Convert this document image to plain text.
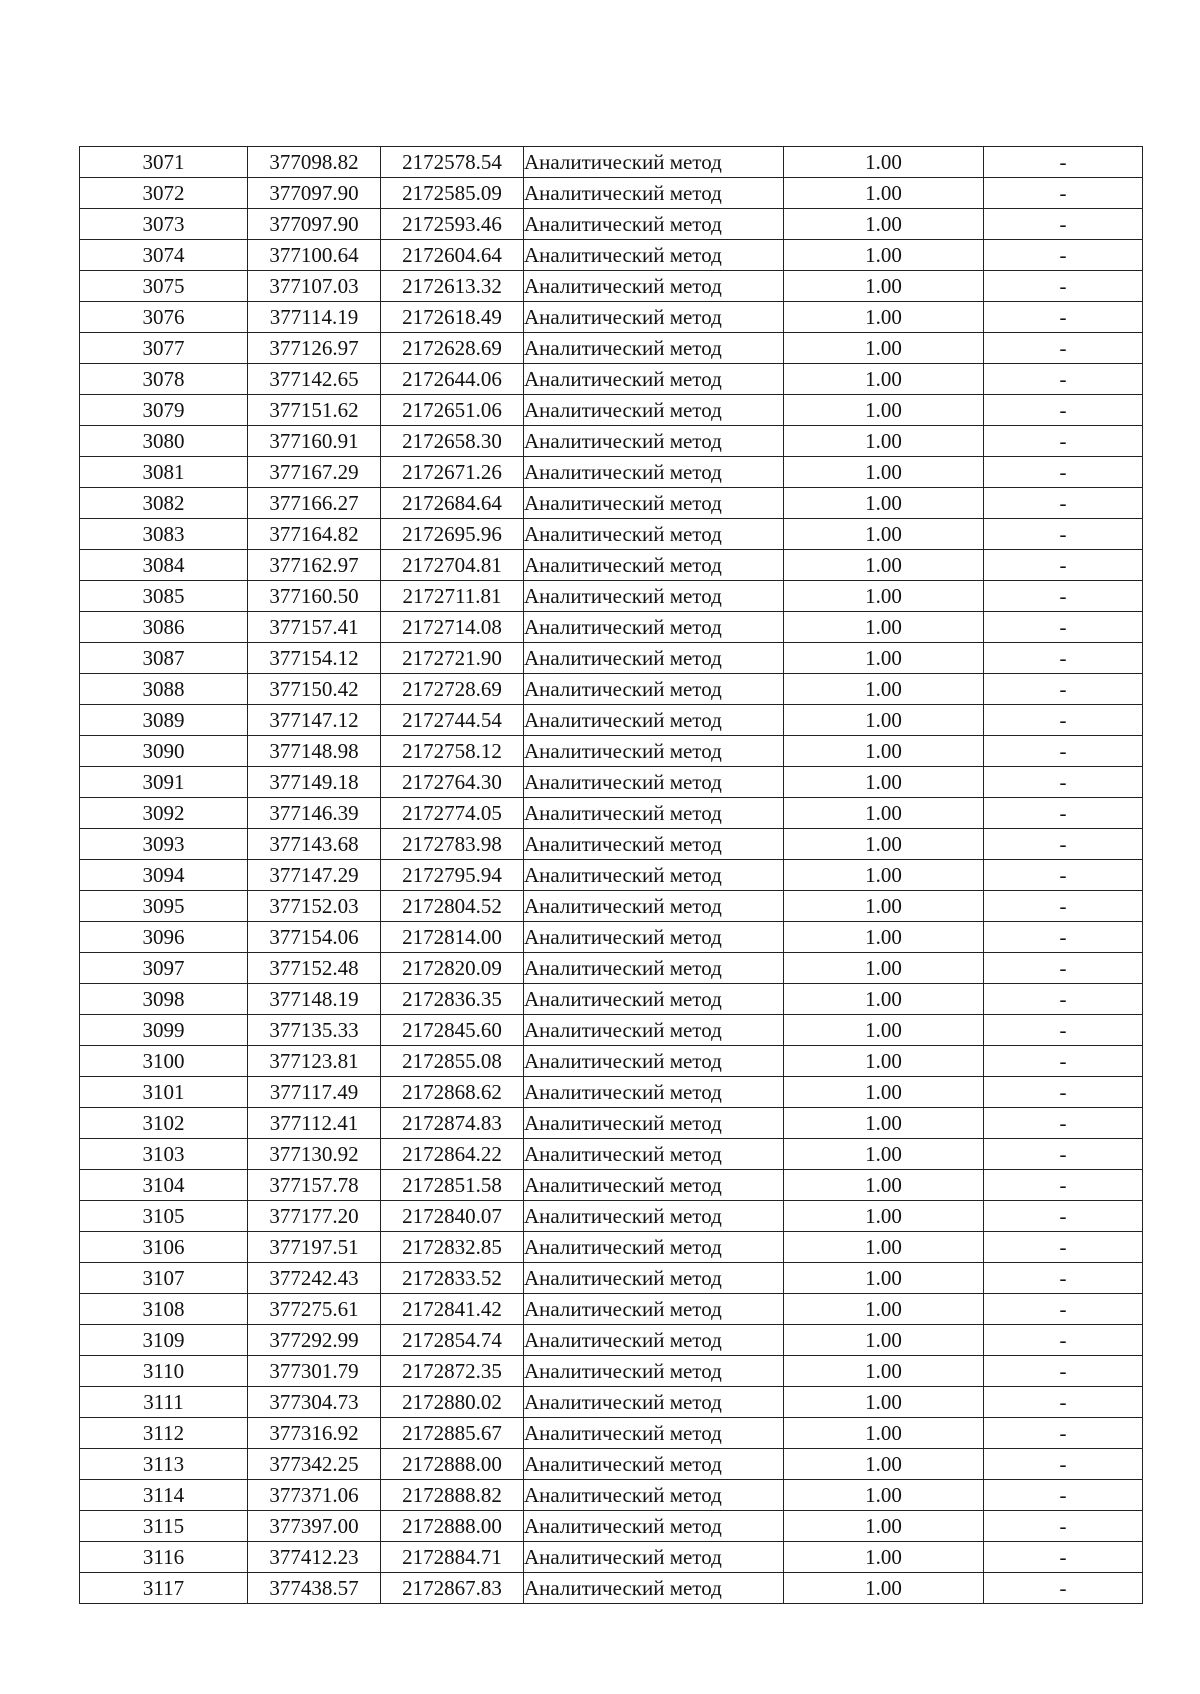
3071	377098.82	2172578.54	Аналитический метод	1.00	-
3072	377097.90	2172585.09	Аналитический метод	1.00	-
3073	377097.90	2172593.46	Аналитический метод	1.00	-
3074	377100.64	2172604.64	Аналитический метод	1.00	-
3075	377107.03	2172613.32	Аналитический метод	1.00	-
3076	377114.19	2172618.49	Аналитический метод	1.00	-
3077	377126.97	2172628.69	Аналитический метод	1.00	-
3078	377142.65	2172644.06	Аналитический метод	1.00	-
3079	377151.62	2172651.06	Аналитический метод	1.00	-
3080	377160.91	2172658.30	Аналитический метод	1.00	-
3081	377167.29	2172671.26	Аналитический метод	1.00	-
3082	377166.27	2172684.64	Аналитический метод	1.00	-
3083	377164.82	2172695.96	Аналитический метод	1.00	-
3084	377162.97	2172704.81	Аналитический метод	1.00	-
3085	377160.50	2172711.81	Аналитический метод	1.00	-
3086	377157.41	2172714.08	Аналитический метод	1.00	-
3087	377154.12	2172721.90	Аналитический метод	1.00	-
3088	377150.42	2172728.69	Аналитический метод	1.00	-
3089	377147.12	2172744.54	Аналитический метод	1.00	-
3090	377148.98	2172758.12	Аналитический метод	1.00	-
3091	377149.18	2172764.30	Аналитический метод	1.00	-
3092	377146.39	2172774.05	Аналитический метод	1.00	-
3093	377143.68	2172783.98	Аналитический метод	1.00	-
3094	377147.29	2172795.94	Аналитический метод	1.00	-
3095	377152.03	2172804.52	Аналитический метод	1.00	-
3096	377154.06	2172814.00	Аналитический метод	1.00	-
3097	377152.48	2172820.09	Аналитический метод	1.00	-
3098	377148.19	2172836.35	Аналитический метод	1.00	-
3099	377135.33	2172845.60	Аналитический метод	1.00	-
3100	377123.81	2172855.08	Аналитический метод	1.00	-
3101	377117.49	2172868.62	Аналитический метод	1.00	-
3102	377112.41	2172874.83	Аналитический метод	1.00	-
3103	377130.92	2172864.22	Аналитический метод	1.00	-
3104	377157.78	2172851.58	Аналитический метод	1.00	-
3105	377177.20	2172840.07	Аналитический метод	1.00	-
3106	377197.51	2172832.85	Аналитический метод	1.00	-
3107	377242.43	2172833.52	Аналитический метод	1.00	-
3108	377275.61	2172841.42	Аналитический метод	1.00	-
3109	377292.99	2172854.74	Аналитический метод	1.00	-
3110	377301.79	2172872.35	Аналитический метод	1.00	-
3111	377304.73	2172880.02	Аналитический метод	1.00	-
3112	377316.92	2172885.67	Аналитический метод	1.00	-
3113	377342.25	2172888.00	Аналитический метод	1.00	-
3114	377371.06	2172888.82	Аналитический метод	1.00	-
3115	377397.00	2172888.00	Аналитический метод	1.00	-
3116	377412.23	2172884.71	Аналитический метод	1.00	-
3117	377438.57	2172867.83	Аналитический метод	1.00	-
